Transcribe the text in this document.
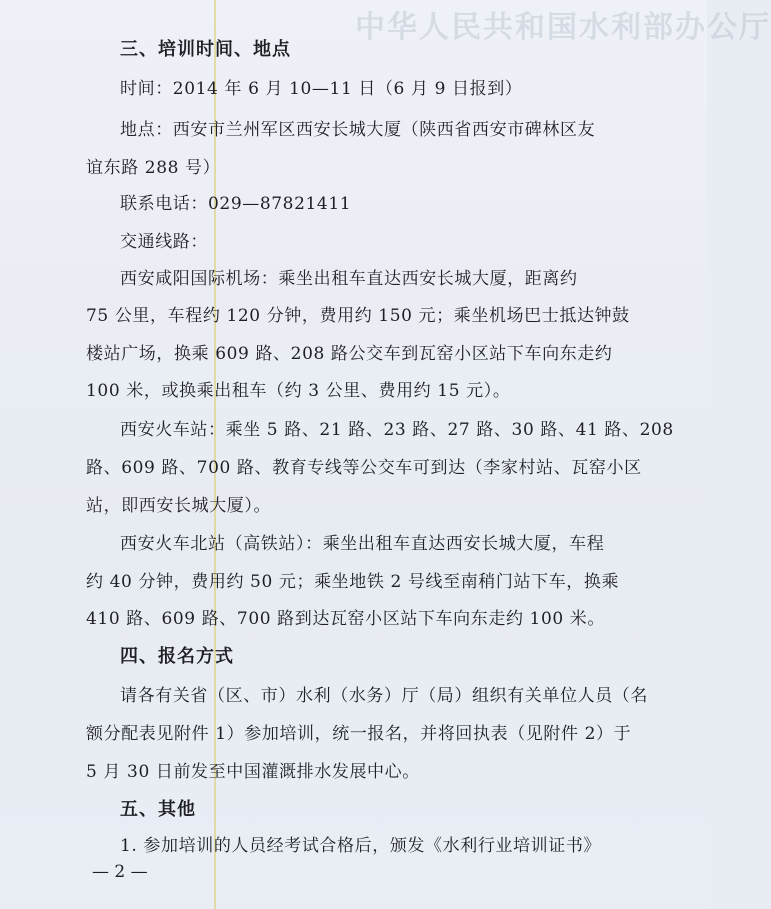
中华人民共和国水利部办公厅
三、培训时间、地点
时间：2014 年 6 月 10—11 日（6 月 9 日报到）
地点：西安市兰州军区西安长城大厦（陕西省西安市碑林区友
谊东路 288 号）
联系电话：029—87821411
交通线路：
西安咸阳国际机场：乘坐出租车直达西安长城大厦，距离约
75 公里，车程约 120 分钟，费用约 150 元；乘坐机场巴士抵达钟鼓
楼站广场，换乘 609 路、208 路公交车到瓦窑小区站下车向东走约
100 米，或换乘出租车（约 3 公里、费用约 15 元）。
西安火车站：乘坐 5 路、21 路、23 路、27 路、30 路、41 路、208
路、609 路、700 路、教育专线等公交车可到达（李家村站、瓦窑小区
站，即西安长城大厦）。
西安火车北站（高铁站）：乘坐出租车直达西安长城大厦，车程
约 40 分钟，费用约 50 元；乘坐地铁 2 号线至南稍门站下车，换乘
410 路、609 路、700 路到达瓦窑小区站下车向东走约 100 米。
四、报名方式
请各有关省（区、市）水利（水务）厅（局）组织有关单位人员（名
额分配表见附件 1）参加培训，统一报名，并将回执表（见附件 2）于
5 月 30 日前发至中国灌溉排水发展中心。
五、其他
1. 参加培训的人员经考试合格后，颁发《水利行业培训证书》
— 2 —
